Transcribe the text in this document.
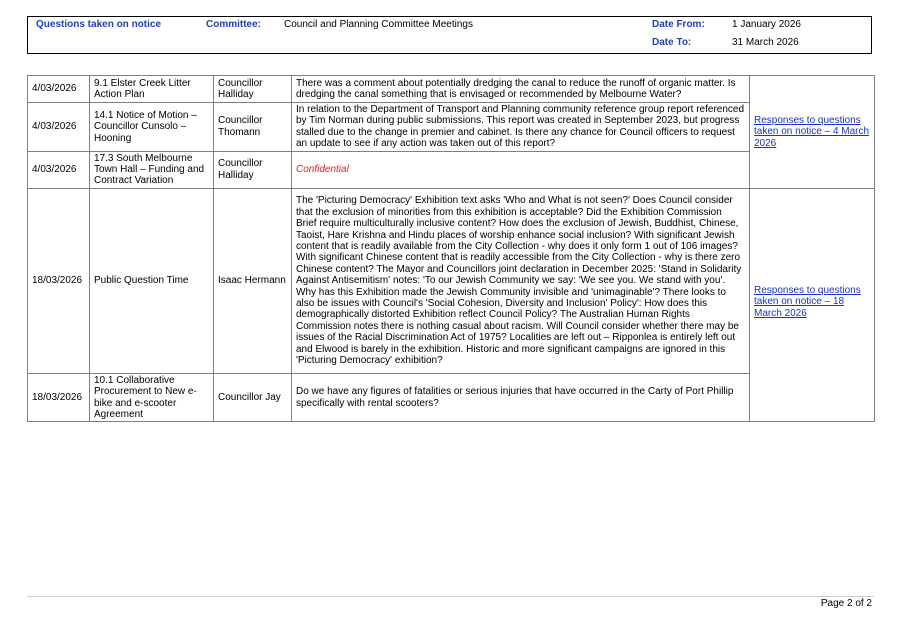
Questions taken on notice	Committee: Council and Planning Committee Meetings	Date From:	1 January 2026
Date To:	31 March 2026
4/03/2026	9.1 Elster Creek Litter Action Plan	Councillor Halliday	There was a comment about potentially dredging the canal to reduce the runoff of organic matter. Is dredging the canal something that is envisaged or recommended by Melbourne Water?	Responses to questions taken on notice – 4 March 2026
4/03/2026	14.1 Notice of Motion – Councillor Cunsolo – Hooning	Councillor Thomann	In relation to the Department of Transport and Planning community reference group report referenced by Tim Norman during public submissions. This report was created in September 2023, but progress stalled due to the change in premier and cabinet. Is there any chance for Council officers to request an update to see if any action was taken out of this report?	
4/03/2026	17.3 South Melbourne Town Hall – Funding and Contract Variation	Councillor Halliday	Confidential	
18/03/2026	Public Question Time	Isaac Hermann	The 'Picturing Democracy' Exhibition text asks 'Who and What is not seen?' Does Council consider that the exclusion of minorities from this exhibition is acceptable? Did the Exhibition Commission Brief require multiculturally inclusive content? How does the exclusion of Jewish, Buddhist, Chinese, Taoist, Hare Krishna and Hindu places of worship enhance social inclusion? With significant Jewish content that is readily available from the City Collection - why does it only form 1 out of 106 images? With significant Chinese content that is readily accessible from the City Collection - why is there zero Chinese content? The Mayor and Councillors joint declaration in December 2025: 'Stand in Solidarity Against Antisemitism' notes: 'To our Jewish Community we say: 'We see you. We stand with you'. Why has this Exhibition made the Jewish Community invisible and 'unimaginable'? There looks to also be issues with Council's 'Social Cohesion, Diversity and Inclusion' Policy': How does this demographically distorted Exhibition reflect Council Policy? The Australian Human Rights Commission notes there is nothing casual about racism. Will Council consider whether there may be issues of the Racial Discrimination Act of 1975? Localities are left out – Ripponlea is entirely left out and Elwood is barely in the exhibition. Historic and more significant campaigns are ignored in this 'Picturing Democracy' exhibition?	Responses to questions taken on notice – 18 March 2026
18/03/2026	10.1 Collaborative Procurement to New e-bike and e-scooter Agreement	Councillor Jay	Do we have any figures of fatalities or serious injuries that have occurred in the Carty of Port Phillip specifically with rental scooters?	
Page 2 of 2
